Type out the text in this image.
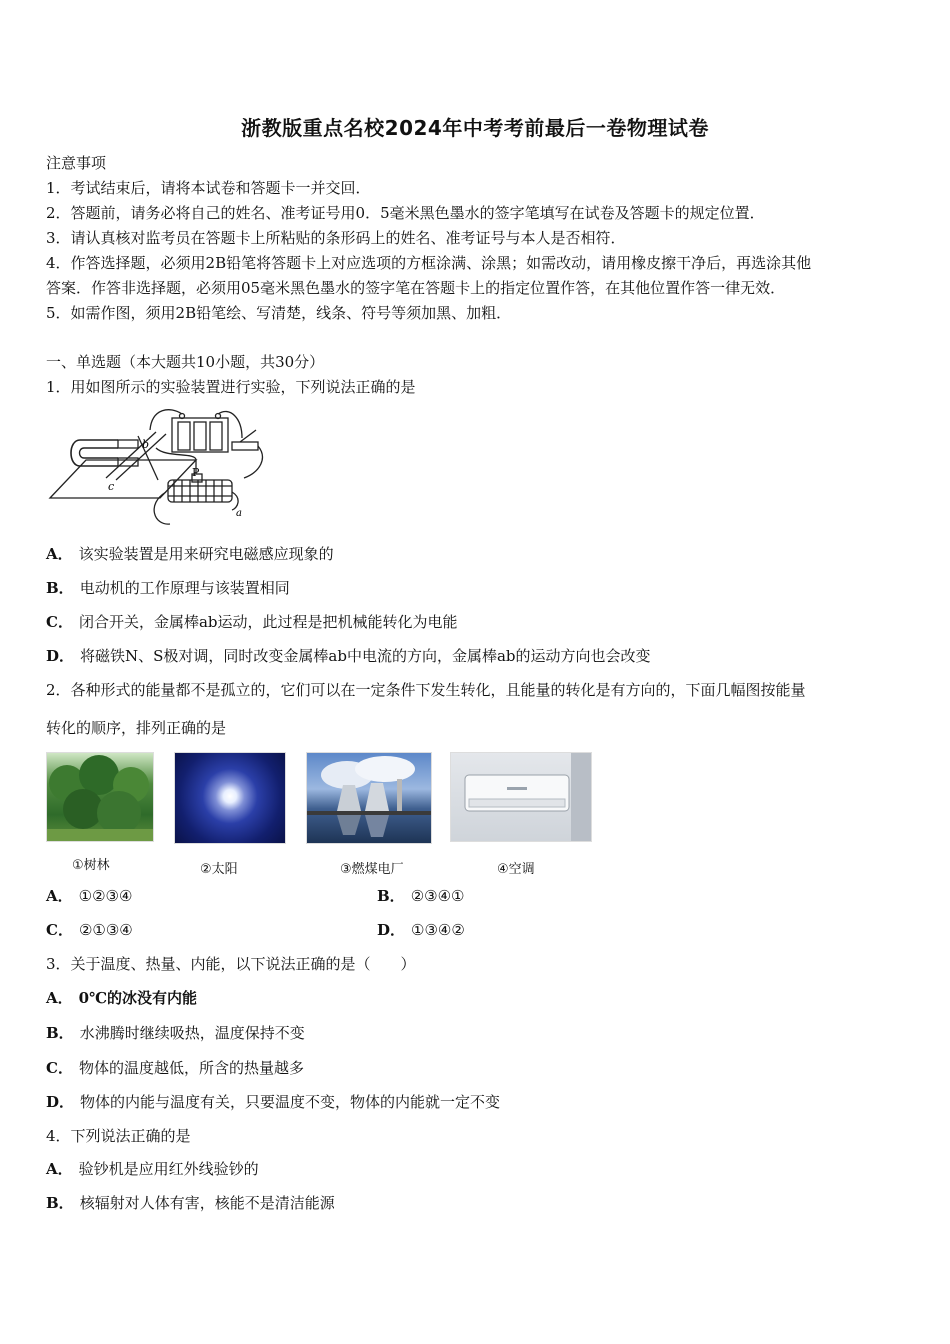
浙教版重点名校2024年中考考前最后一卷物理试卷
注意事项
1．考试结束后，请将本试卷和答题卡一并交回．
2．答题前，请务必将自己的姓名、准考证号用0．5毫米黑色墨水的签字笔填写在试卷及答题卡的规定位置．
3．请认真核对监考员在答题卡上所粘贴的条形码上的姓名、准考证号与本人是否相符．
4．作答选择题，必须用2B铅笔将答题卡上对应选项的方框涂满、涂黑；如需改动，请用橡皮擦干净后，再选涂其他
答案．作答非选择题，必须用05毫米黑色墨水的签字笔在答题卡上的指定位置作答，在其他位置作答一律无效．
5．如需作图，须用2B铅笔绘、写清楚，线条、符号等须加黑、加粗．
一、单选题（本大题共10小题，共30分）
1．用如图所示的实验装置进行实验，下列说法正确的是
b
c
P
a
A． 该实验装置是用来研究电磁感应现象的
B． 电动机的工作原理与该装置相同
C． 闭合开关，金属棒ab运动，此过程是把机械能转化为电能
D． 将磁铁N、S极对调，同时改变金属棒ab中电流的方向，金属棒ab的运动方向也会改变
2．各种形式的能量都不是孤立的，它们可以在一定条件下发生转化，且能量的转化是有方向的，下面几幅图按能量
转化的顺序，排列正确的是
①树林	②太阳	③燃煤电厂	④空调
A． ①②③④	B． ②③④①
C． ②①③④	D． ①③④②
3．关于温度、热量、内能，以下说法正确的是（　　）
A． 0℃的冰没有内能
B． 水沸腾时继续吸热，温度保持不变
C． 物体的温度越低，所含的热量越多
D． 物体的内能与温度有关，只要温度不变，物体的内能就一定不变
4．下列说法正确的是
A． 验钞机是应用红外线验钞的
B． 核辐射对人体有害，核能不是清洁能源
